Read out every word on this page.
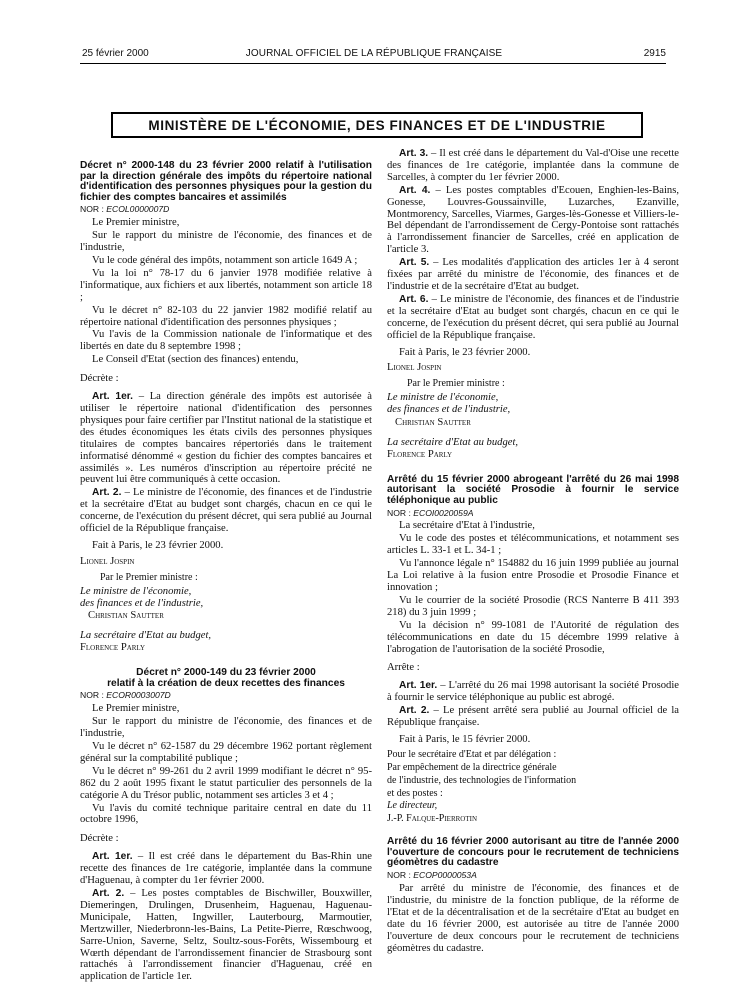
25 février 2000	JOURNAL OFFICIEL DE LA RÉPUBLIQUE FRANÇAISE	2915
MINISTÈRE DE L'ÉCONOMIE, DES FINANCES ET DE L'INDUSTRIE

Décret n° 2000-148 du 23 février 2000 relatif à l'utilisation par la direction générale des impôts du répertoire national d'identification des personnes physiques pour la gestion du fichier des comptes bancaires et assimilés

NOR : ECOL0000007D

Le Premier ministre,

Sur le rapport du ministre de l'économie, des finances et de l'industrie,

Vu le code général des impôts, notamment son article 1649 A ;

Vu la loi n° 78-17 du 6 janvier 1978 modifiée relative à l'informatique, aux fichiers et aux libertés, notamment son article 18 ;

Vu le décret n° 82-103 du 22 janvier 1982 modifié relatif au répertoire national d'identification des personnes physiques ;

Vu l'avis de la Commission nationale de l'informatique et des libertés en date du 8 septembre 1998 ;

Le Conseil d'Etat (section des finances) entendu,

Décrète :

Art. 1er. – La direction générale des impôts est autorisée à utiliser le répertoire national d'identification des personnes physiques pour faire certifier par l'Institut national de la statistique et des études économiques les états civils des personnes physiques titulaires de comptes bancaires répertoriés dans le traitement informatisé dénommé « gestion du fichier des comptes bancaires et assimilés ». Les numéros d'inscription au répertoire précité ne peuvent lui être communiqués à cette occasion.

Art. 2. – Le ministre de l'économie, des finances et de l'industrie et la secrétaire d'Etat au budget sont chargés, chacun en ce qui le concerne, de l'exécution du présent décret, qui sera publié au Journal officiel de la République française.

Fait à Paris, le 23 février 2000.

Lionel Jospin

Par le Premier ministre :

Le ministre de l'économie,

des finances et de l'industrie,

Christian Sautter

La secrétaire d'Etat au budget,

Florence Parly

Décret n° 2000-149 du 23 février 2000

relatif à la création de deux recettes des finances

NOR : ECOR0003007D

Le Premier ministre,

Sur le rapport du ministre de l'économie, des finances et de l'industrie,

Vu le décret n° 62-1587 du 29 décembre 1962 portant règlement général sur la comptabilité publique ;

Vu le décret n° 99-261 du 2 avril 1999 modifiant le décret n° 95-862 du 2 août 1995 fixant le statut particulier des personnels de la catégorie A du Trésor public, notamment ses articles 3 et 4 ;

Vu l'avis du comité technique paritaire central en date du 11 octobre 1996,

Décrète :

Art. 1er. – Il est créé dans le département du Bas-Rhin une recette des finances de 1re catégorie, implantée dans la commune d'Haguenau, à compter du 1er février 2000.

Art. 2. – Les postes comptables de Bischwiller, Bouxwiller, Diemeringen, Drulingen, Drusenheim, Haguenau, Haguenau-Municipale, Hatten, Ingwiller, Lauterbourg, Marmoutier, Mertzwiller, Niederbronn-les-Bains, La Petite-Pierre, Rœschwoog, Sarre-Union, Saverne, Seltz, Soultz-sous-Forêts, Wissembourg et Wœrth dépendant de l'arrondissement financier de Strasbourg sont rattachés à l'arrondissement financier d'Haguenau, créé en application de l'article 1er.

Art. 3. – Il est créé dans le département du Val-d'Oise une recette des finances de 1re catégorie, implantée dans la commune de Sarcelles, à compter du 1er février 2000.

Art. 4. – Les postes comptables d'Ecouen, Enghien-les-Bains, Gonesse, Louvres-Goussainville, Luzarches, Ezanville, Montmorency, Sarcelles, Viarmes, Garges-lès-Gonesse et Villiers-le-Bel dépendant de l'arrondissement de Cergy-Pontoise sont rattachés à l'arrondissement financier de Sarcelles, créé en application de l'article 3.

Art. 5. – Les modalités d'application des articles 1er à 4 seront fixées par arrêté du ministre de l'économie, des finances et de l'industrie et de la secrétaire d'Etat au budget.

Art. 6. – Le ministre de l'économie, des finances et de l'industrie et la secrétaire d'Etat au budget sont chargés, chacun en ce qui le concerne, de l'exécution du présent décret, qui sera publié au Journal officiel de la République française.

Fait à Paris, le 23 février 2000.

Lionel Jospin

Par le Premier ministre :

Le ministre de l'économie,

des finances et de l'industrie,

Christian Sautter

La secrétaire d'Etat au budget,

Florence Parly

Arrêté du 15 février 2000 abrogeant l'arrêté du 26 mai 1998 autorisant la société Prosodie à fournir le service téléphonique au public

NOR : ECOI0020059A

La secrétaire d'Etat à l'industrie,

Vu le code des postes et télécommunications, et notamment ses articles L. 33-1 et L. 34-1 ;

Vu l'annonce légale n° 154882 du 16 juin 1999 publiée au journal La Loi relative à la fusion entre Prosodie et Prosodie Finance et innovation ;

Vu le courrier de la société Prosodie (RCS Nanterre B 411 393 218) du 3 juin 1999 ;

Vu la décision n° 99-1081 de l'Autorité de régulation des télécommunications en date du 15 décembre 1999 relative à l'abrogation de l'autorisation de la société Prosodie,

Arrête :

Art. 1er. – L'arrêté du 26 mai 1998 autorisant la société Prosodie à fournir le service téléphonique au public est abrogé.

Art. 2. – Le présent arrêté sera publié au Journal officiel de la République française.

Fait à Paris, le 15 février 2000.

Pour le secrétaire d'Etat et par délégation :

Par empêchement de la directrice générale

de l'industrie, des technologies de l'information

et des postes :

Le directeur,

J.-P. Falque-Pierrotin

Arrêté du 16 février 2000 autorisant au titre de l'année 2000 l'ouverture de concours pour le recrutement de techniciens géomètres du cadastre

NOR : ECOP0000053A

Par arrêté du ministre de l'économie, des finances et de l'industrie, du ministre de la fonction publique, de la réforme de l'Etat et de la décentralisation et de la secrétaire d'Etat au budget en date du 16 février 2000, est autorisée au titre de l'année 2000 l'ouverture de deux concours pour le recrutement de techniciens géomètres du cadastre.
